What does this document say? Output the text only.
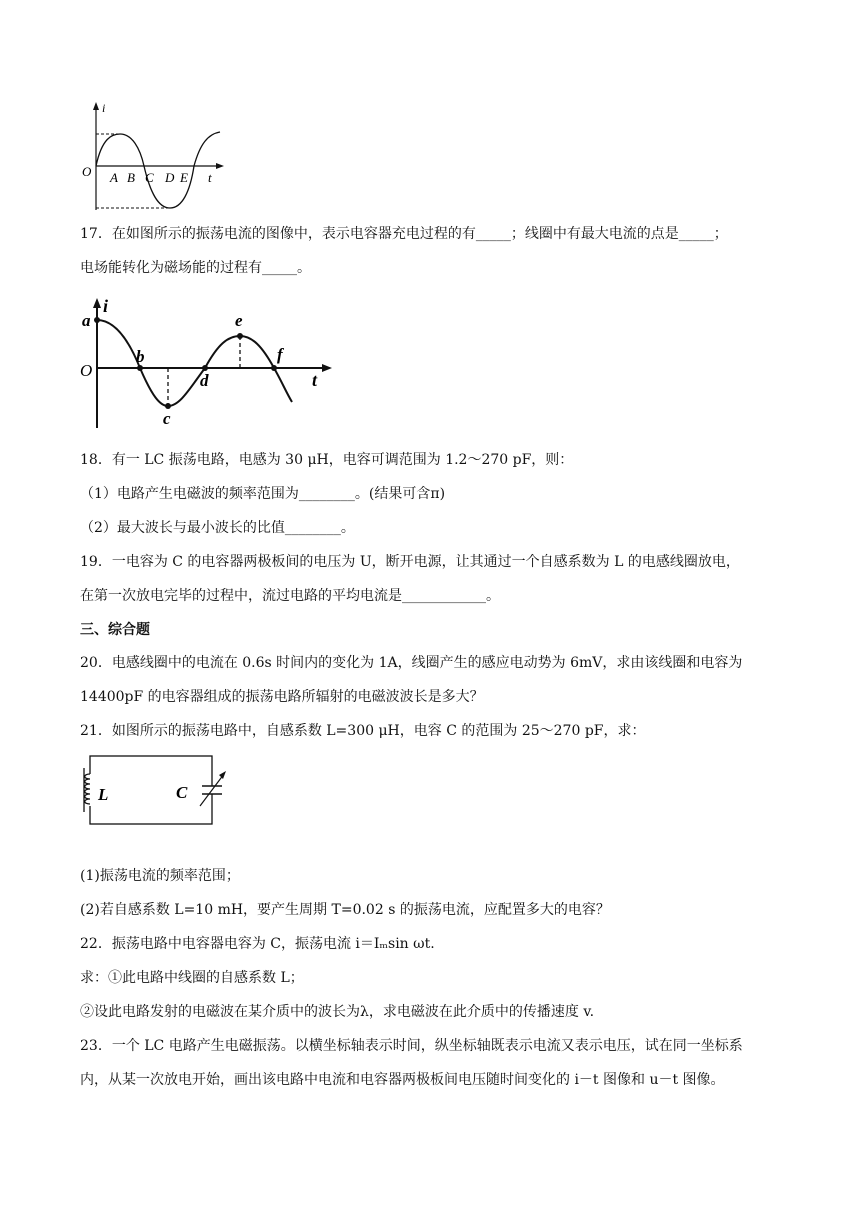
i
O A B C D E t
17．在如图所示的振荡电流的图像中，表示电容器充电过程的有_____；线圈中有最大电流的点是_____；
电场能转化为磁场能的过程有_____。
i
O
a
b
c
d
e
f
t
18．有一 LC 振荡电路，电感为 30 μH，电容可调范围为 1.2～270 pF，则：
（1）电路产生电磁波的频率范围为________。(结果可含π)
（2）最大波长与最小波长的比值________。
19．一电容为 C 的电容器两极板间的电压为 U，断开电源，让其通过一个自感系数为 L 的电感线圈放电，
在第一次放电完毕的过程中，流过电路的平均电流是____________。
三、综合题
20．电感线圈中的电流在 0.6s 时间内的变化为 1A，线圈产生的感应电动势为 6mV，求由该线圈和电容为
14400pF 的电容器组成的振荡电路所辐射的电磁波波长是多大？
21．如图所示的振荡电路中，自感系数 L=300 μH，电容 C 的范围为 25～270 pF，求：
L	C
(1)振荡电流的频率范围；
(2)若自感系数 L=10 mH，要产生周期 T=0.02 s 的振荡电流，应配置多大的电容？
22．振荡电路中电容器电容为 C，振荡电流 i＝Iₘsin ωt.
求：①此电路中线圈的自感系数 L；
②设此电路发射的电磁波在某介质中的波长为λ，求电磁波在此介质中的传播速度 v.
23．一个 LC 电路产生电磁振荡。以横坐标轴表示时间，纵坐标轴既表示电流又表示电压，试在同一坐标系
内，从某一次放电开始，画出该电路中电流和电容器两极板间电压随时间变化的 i－t 图像和 u－t 图像。
